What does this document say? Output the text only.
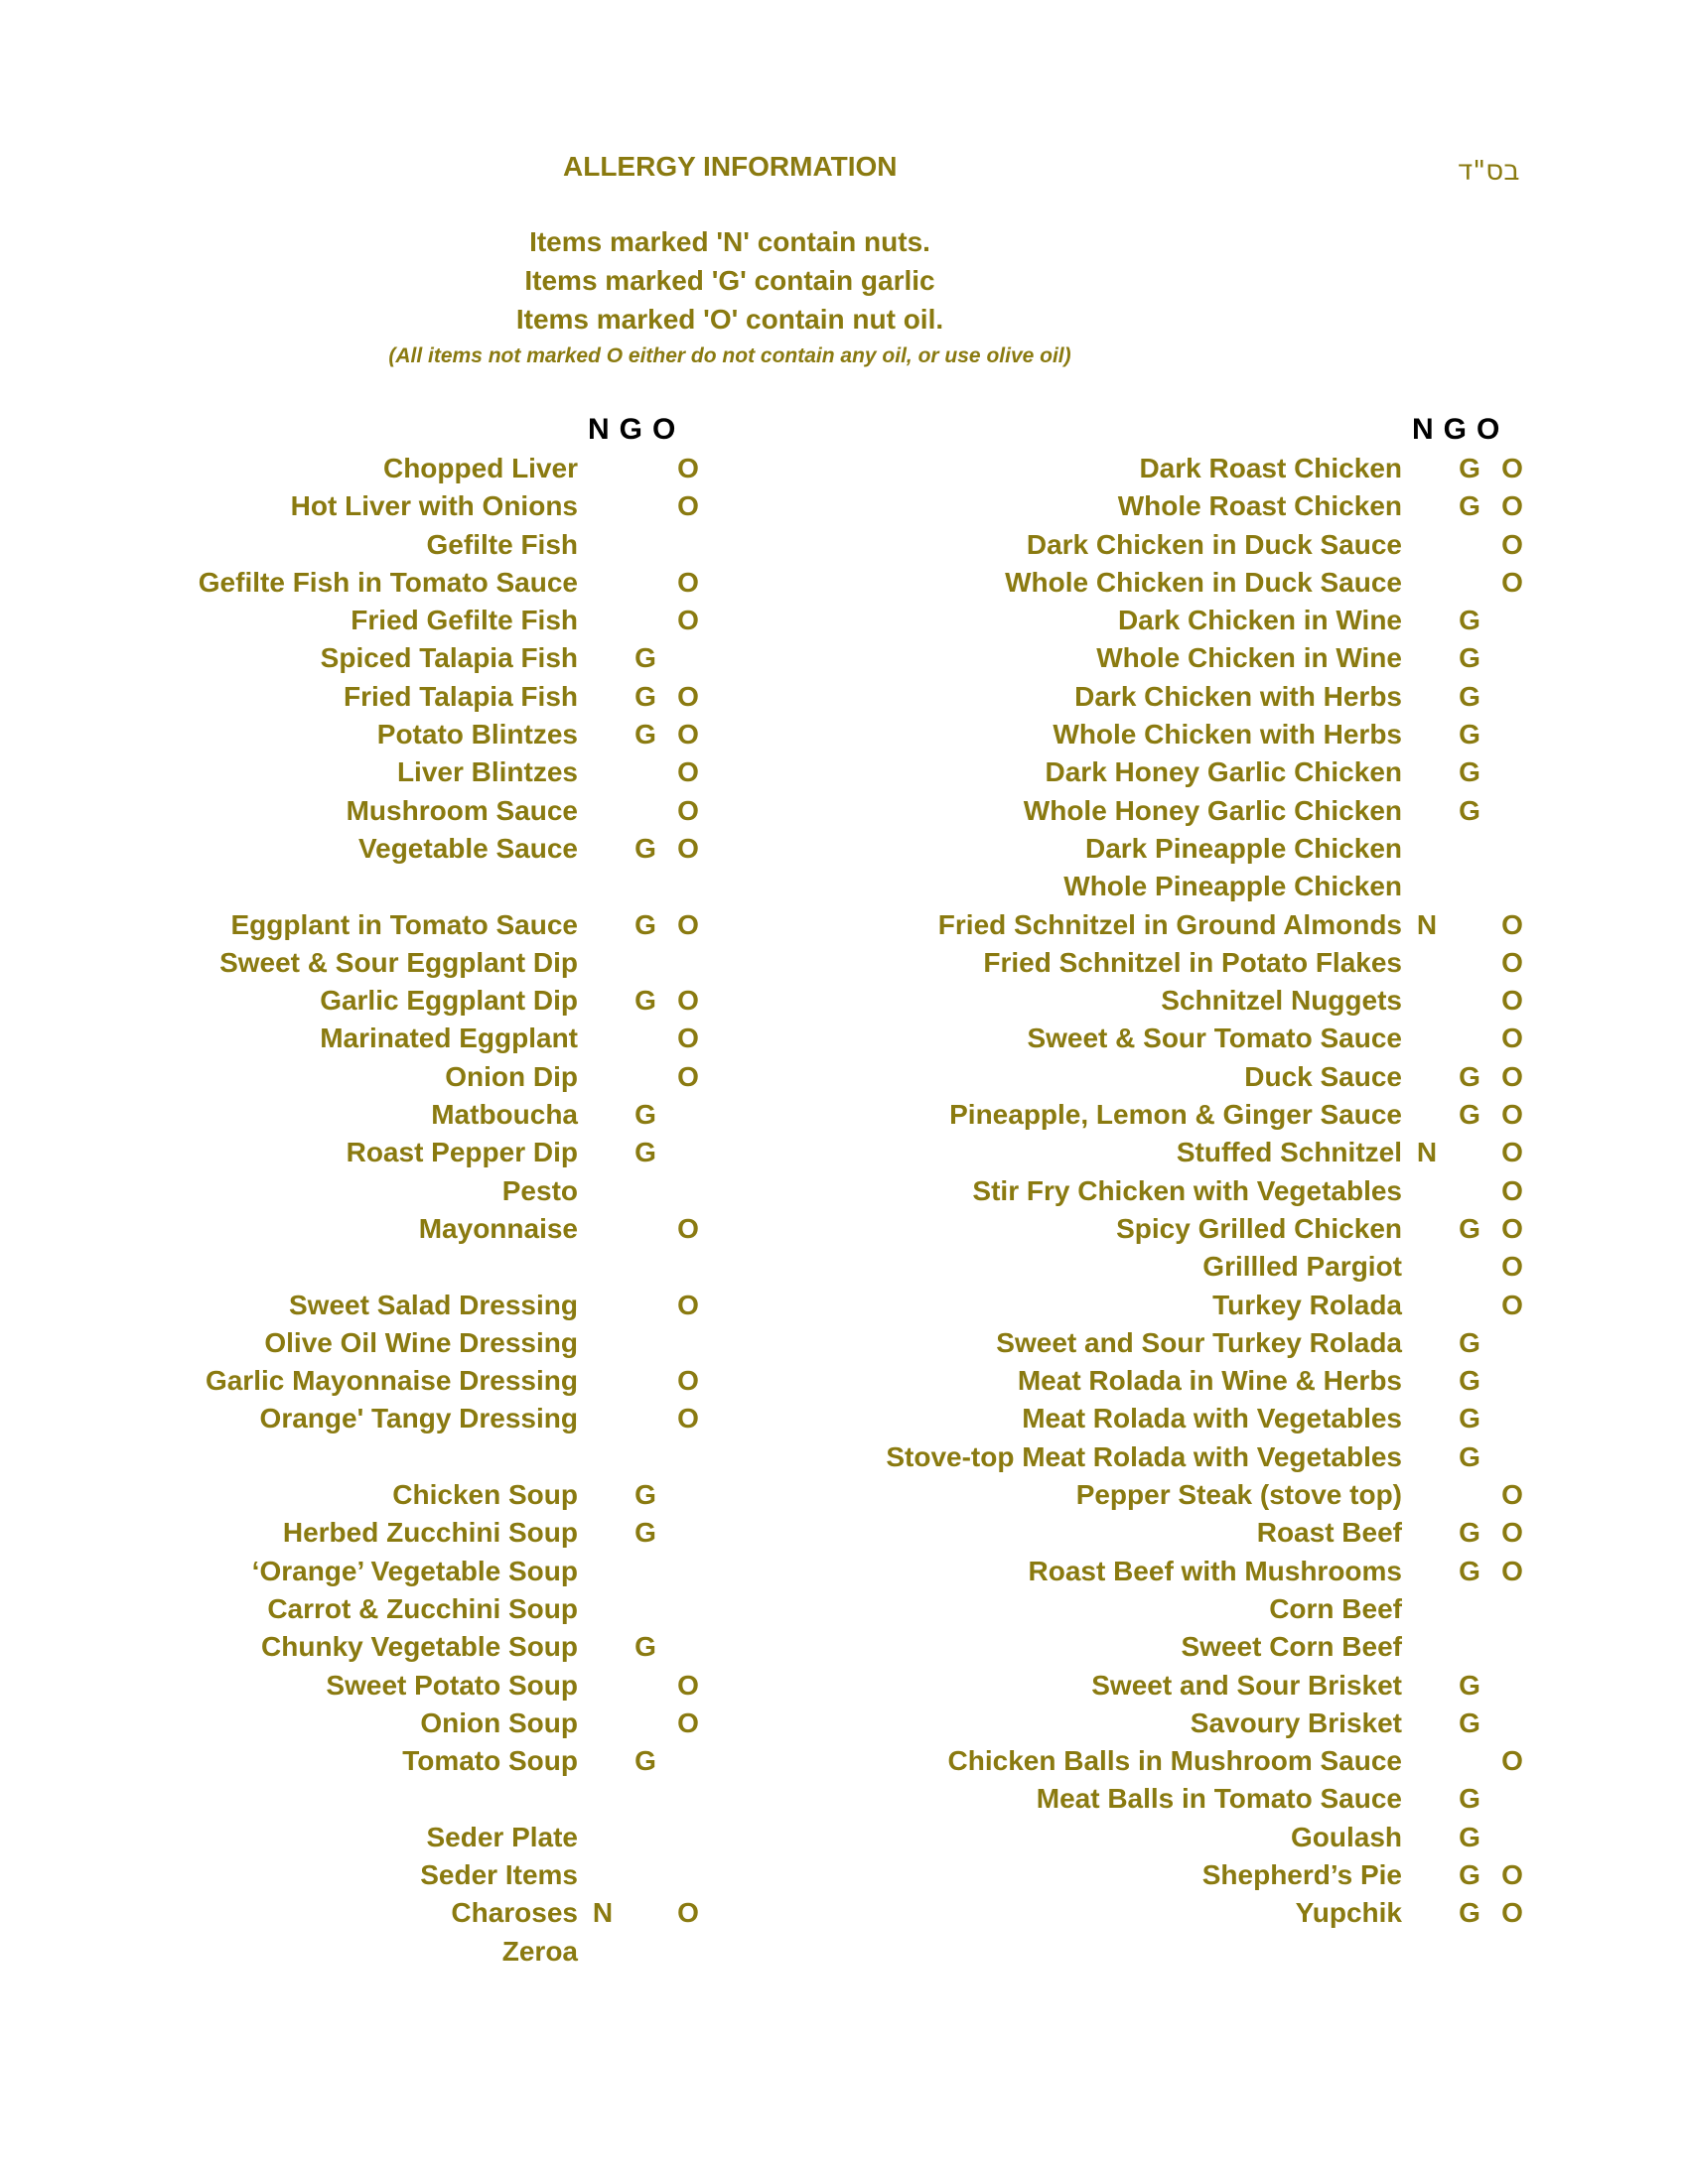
ALLERGY INFORMATION	בס"ד
Items marked 'N' contain nuts.
Items marked 'G' contain garlic
Items marked 'O' contain nut oil.
(All items not marked O either do not contain any oil, or use olive oil)
NGO	NGO
Chopped Liver	O
Hot Liver with Onions	O
Gefilte Fish
Gefilte Fish in Tomato Sauce	O
Fried Gefilte Fish	O
Spiced Talapia Fish G
Fried Talapia Fish G O
Potato Blintzes G O
Liver Blintzes	O
Mushroom Sauce	O
Vegetable Sauce G O
Eggplant in Tomato Sauce G O
Sweet & Sour Eggplant Dip
Garlic Eggplant Dip G O
Marinated Eggplant	O
Onion Dip	O
Matboucha G
Roast Pepper Dip G
Pesto
Mayonnaise	O
Sweet Salad Dressing	O
Olive Oil Wine Dressing
Garlic Mayonnaise Dressing	O
Orange' Tangy Dressing	O
Chicken Soup G
Herbed Zucchini Soup G
‘Orange’ Vegetable Soup
Carrot & Zucchini Soup
Chunky Vegetable Soup G
Sweet Potato Soup	O
Onion Soup	O
Tomato Soup G
Seder Plate
Seder Items
Charoses N O
Zeroa
Dark Roast Chicken G O
Whole Roast Chicken G O
Dark Chicken in Duck Sauce	O
Whole Chicken in Duck Sauce	O
Dark Chicken in Wine G
Whole Chicken in Wine G
Dark Chicken with Herbs G
Whole Chicken with Herbs G
Dark Honey Garlic Chicken G
Whole Honey Garlic Chicken G
Dark Pineapple Chicken
Whole Pineapple Chicken
Fried Schnitzel in Ground Almonds N O
Fried Schnitzel in Potato Flakes	O
Schnitzel Nuggets	O
Sweet & Sour Tomato Sauce	O
Duck Sauce G O
Pineapple, Lemon & Ginger Sauce G O
Stuffed Schnitzel N O
Stir Fry Chicken with Vegetables	O
Spicy Grilled Chicken G O
Grillled Pargiot	O
Turkey Rolada	O
Sweet and Sour Turkey Rolada G
Meat Rolada in Wine & Herbs G
Meat Rolada with Vegetables G
Stove-top Meat Rolada with Vegetables G
Pepper Steak (stove top)	O
Roast Beef G O
Roast Beef with Mushrooms G O
Corn Beef
Sweet Corn Beef
Sweet and Sour Brisket G
Savoury Brisket G
Chicken Balls in Mushroom Sauce	O
Meat Balls in Tomato Sauce G
Goulash G
Shepherd’s Pie G O
Yupchik G O
